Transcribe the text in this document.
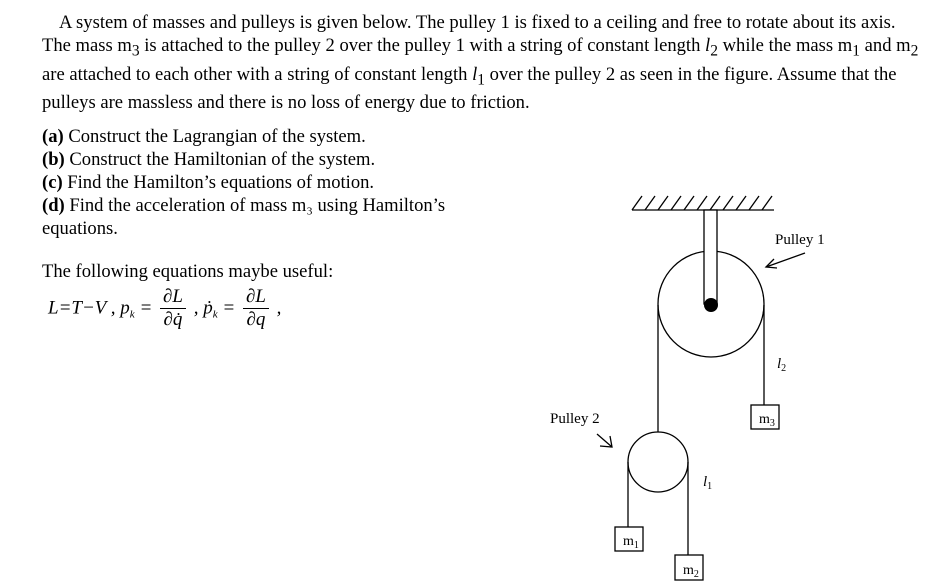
A system of masses and pulleys is given below. The pulley 1 is fixed to a ceiling and free to rotate about its axis. The mass $m_3$ is attached to the pulley 2 over the pulley 1 with a string of constant length $l_2$ while the mass $m_1$ and $m_2$ are attached to each other with a string of constant length $l_1$ over the pulley 2 as seen in the figure. Assume that the pulleys are massless and there is no loss of energy due to friction.
(a) Construct the Lagrangian of the system.
(b) Construct the Hamiltonian of the system.
(c) Find the Hamilton’s equations of motion.
(d) Find the acceleration of mass m₃ using Hamilton’s equations.
The following equations maybe useful:
L=T−V , $p_k = \frac{\partial L}{\partial q̇}$ , ṗ$_k$ = $\frac{\partial L}{\partial q}$ ,
$m_3$
$m_1$
$m_2$
Pulley 1
Pulley 2
$l_2$
$l_1$
